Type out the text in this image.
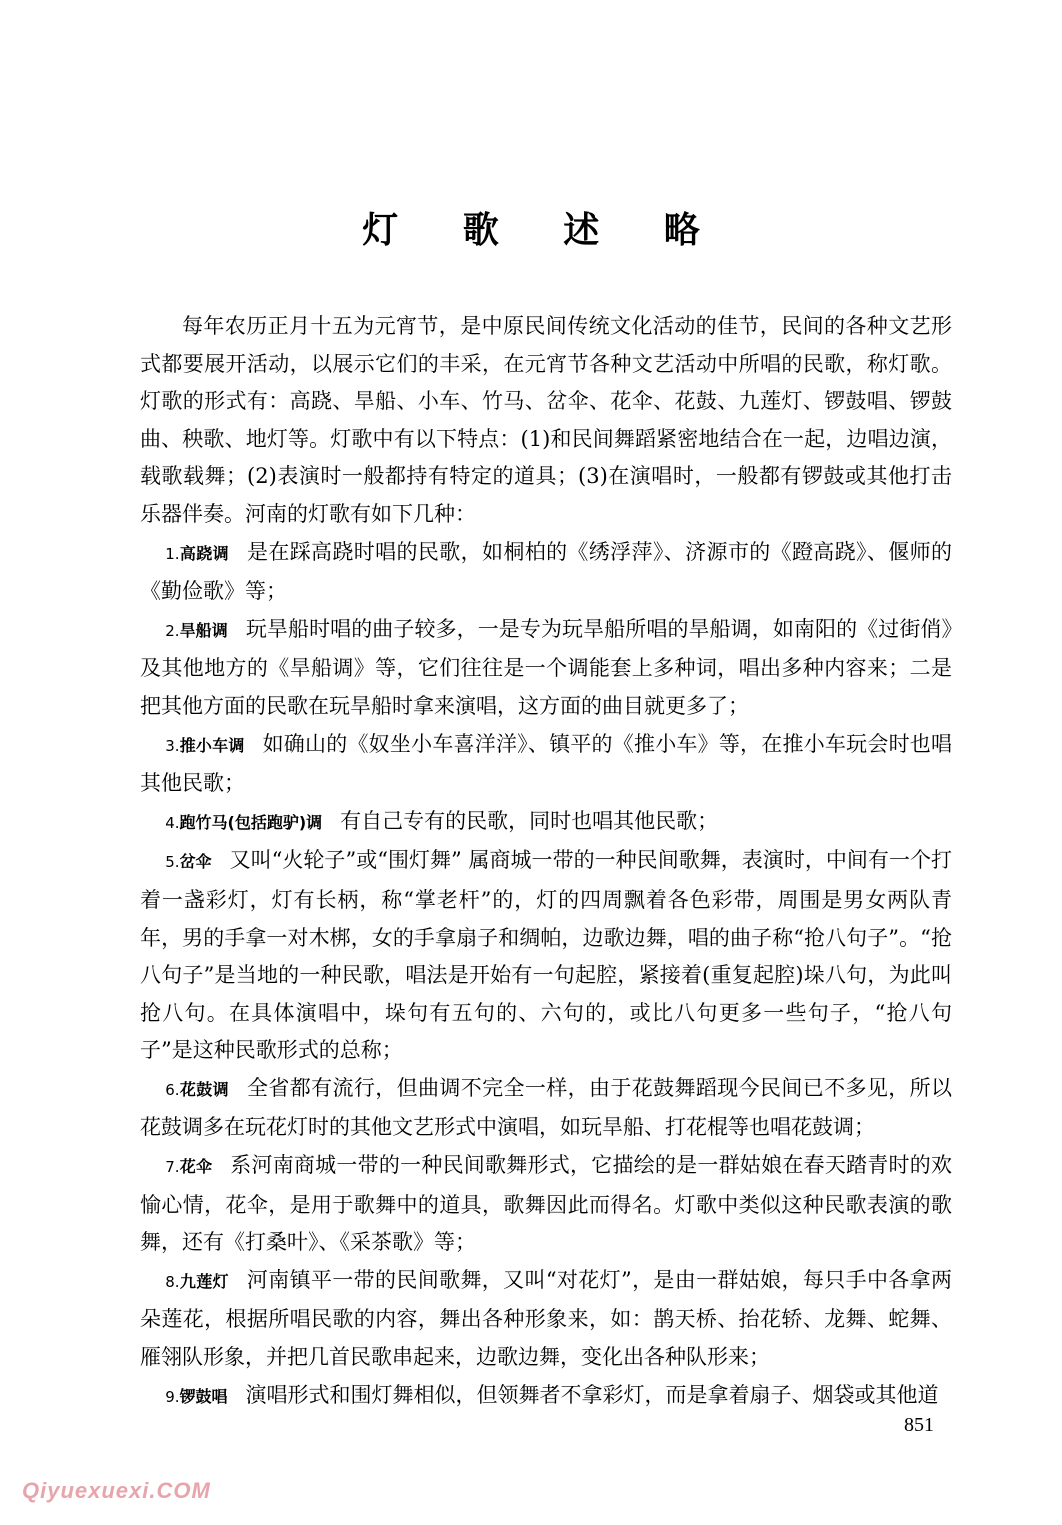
灯 歌 述 略

每年农历正月十五为元宵节，是中原民间传统文化活动的佳节，民间的各种文艺形式都要展开活动，以展示它们的丰采，在元宵节各种文艺活动中所唱的民歌，称灯歌。灯歌的形式有：高跷、旱船、小车、竹马、岔伞、花伞、花鼓、九莲灯、锣鼓唱、锣鼓曲、秧歌、地灯等。灯歌中有以下特点：(1)和民间舞蹈紧密地结合在一起，边唱边演，载歌载舞；(2)表演时一般都持有特定的道具；(3)在演唱时，一般都有锣鼓或其他打击乐器伴奏。河南的灯歌有如下几种：

1.高跷调 是在踩高跷时唱的民歌，如桐柏的《绣浮萍》、济源市的《蹬高跷》、偃师的《勤俭歌》等；

2.旱船调 玩旱船时唱的曲子较多，一是专为玩旱船所唱的旱船调，如南阳的《过街俏》及其他地方的《旱船调》等，它们往往是一个调能套上多种词，唱出多种内容来；二是把其他方面的民歌在玩旱船时拿来演唱，这方面的曲目就更多了；

3.推小车调 如确山的《奴坐小车喜洋洋》、镇平的《推小车》等，在推小车玩会时也唱其他民歌；

4.跑竹马(包括跑驴)调 有自己专有的民歌，同时也唱其他民歌；

5.岔伞 又叫“火轮子”或“围灯舞” 属商城一带的一种民间歌舞，表演时，中间有一个打着一盏彩灯，灯有长柄，称“掌老杆”的，灯的四周飘着各色彩带，周围是男女两队青年，男的手拿一对木梆，女的手拿扇子和绸帕，边歌边舞，唱的曲子称“抢八句子”。“抢八句子”是当地的一种民歌，唱法是开始有一句起腔，紧接着(重复起腔)垛八句，为此叫抢八句。在具体演唱中，垛句有五句的、六句的，或比八句更多一些句子，“抢八句子”是这种民歌形式的总称；

6.花鼓调 全省都有流行，但曲调不完全一样，由于花鼓舞蹈现今民间已不多见，所以花鼓调多在玩花灯时的其他文艺形式中演唱，如玩旱船、打花棍等也唱花鼓调；

7.花伞 系河南商城一带的一种民间歌舞形式，它描绘的是一群姑娘在春天踏青时的欢愉心情，花伞，是用于歌舞中的道具，歌舞因此而得名。灯歌中类似这种民歌表演的歌舞，还有《打桑叶》、《采茶歌》等；

8.九莲灯 河南镇平一带的民间歌舞，又叫“对花灯”，是由一群姑娘，每只手中各拿两朵莲花，根据所唱民歌的内容，舞出各种形象来，如：鹊天桥、抬花轿、龙舞、蛇舞、雁翎队形象，并把几首民歌串起来，边歌边舞，变化出各种队形来；

9.锣鼓唱 演唱形式和围灯舞相似，但领舞者不拿彩灯，而是拿着扇子、烟袋或其他道

851
Qiyuexuexi.COM
